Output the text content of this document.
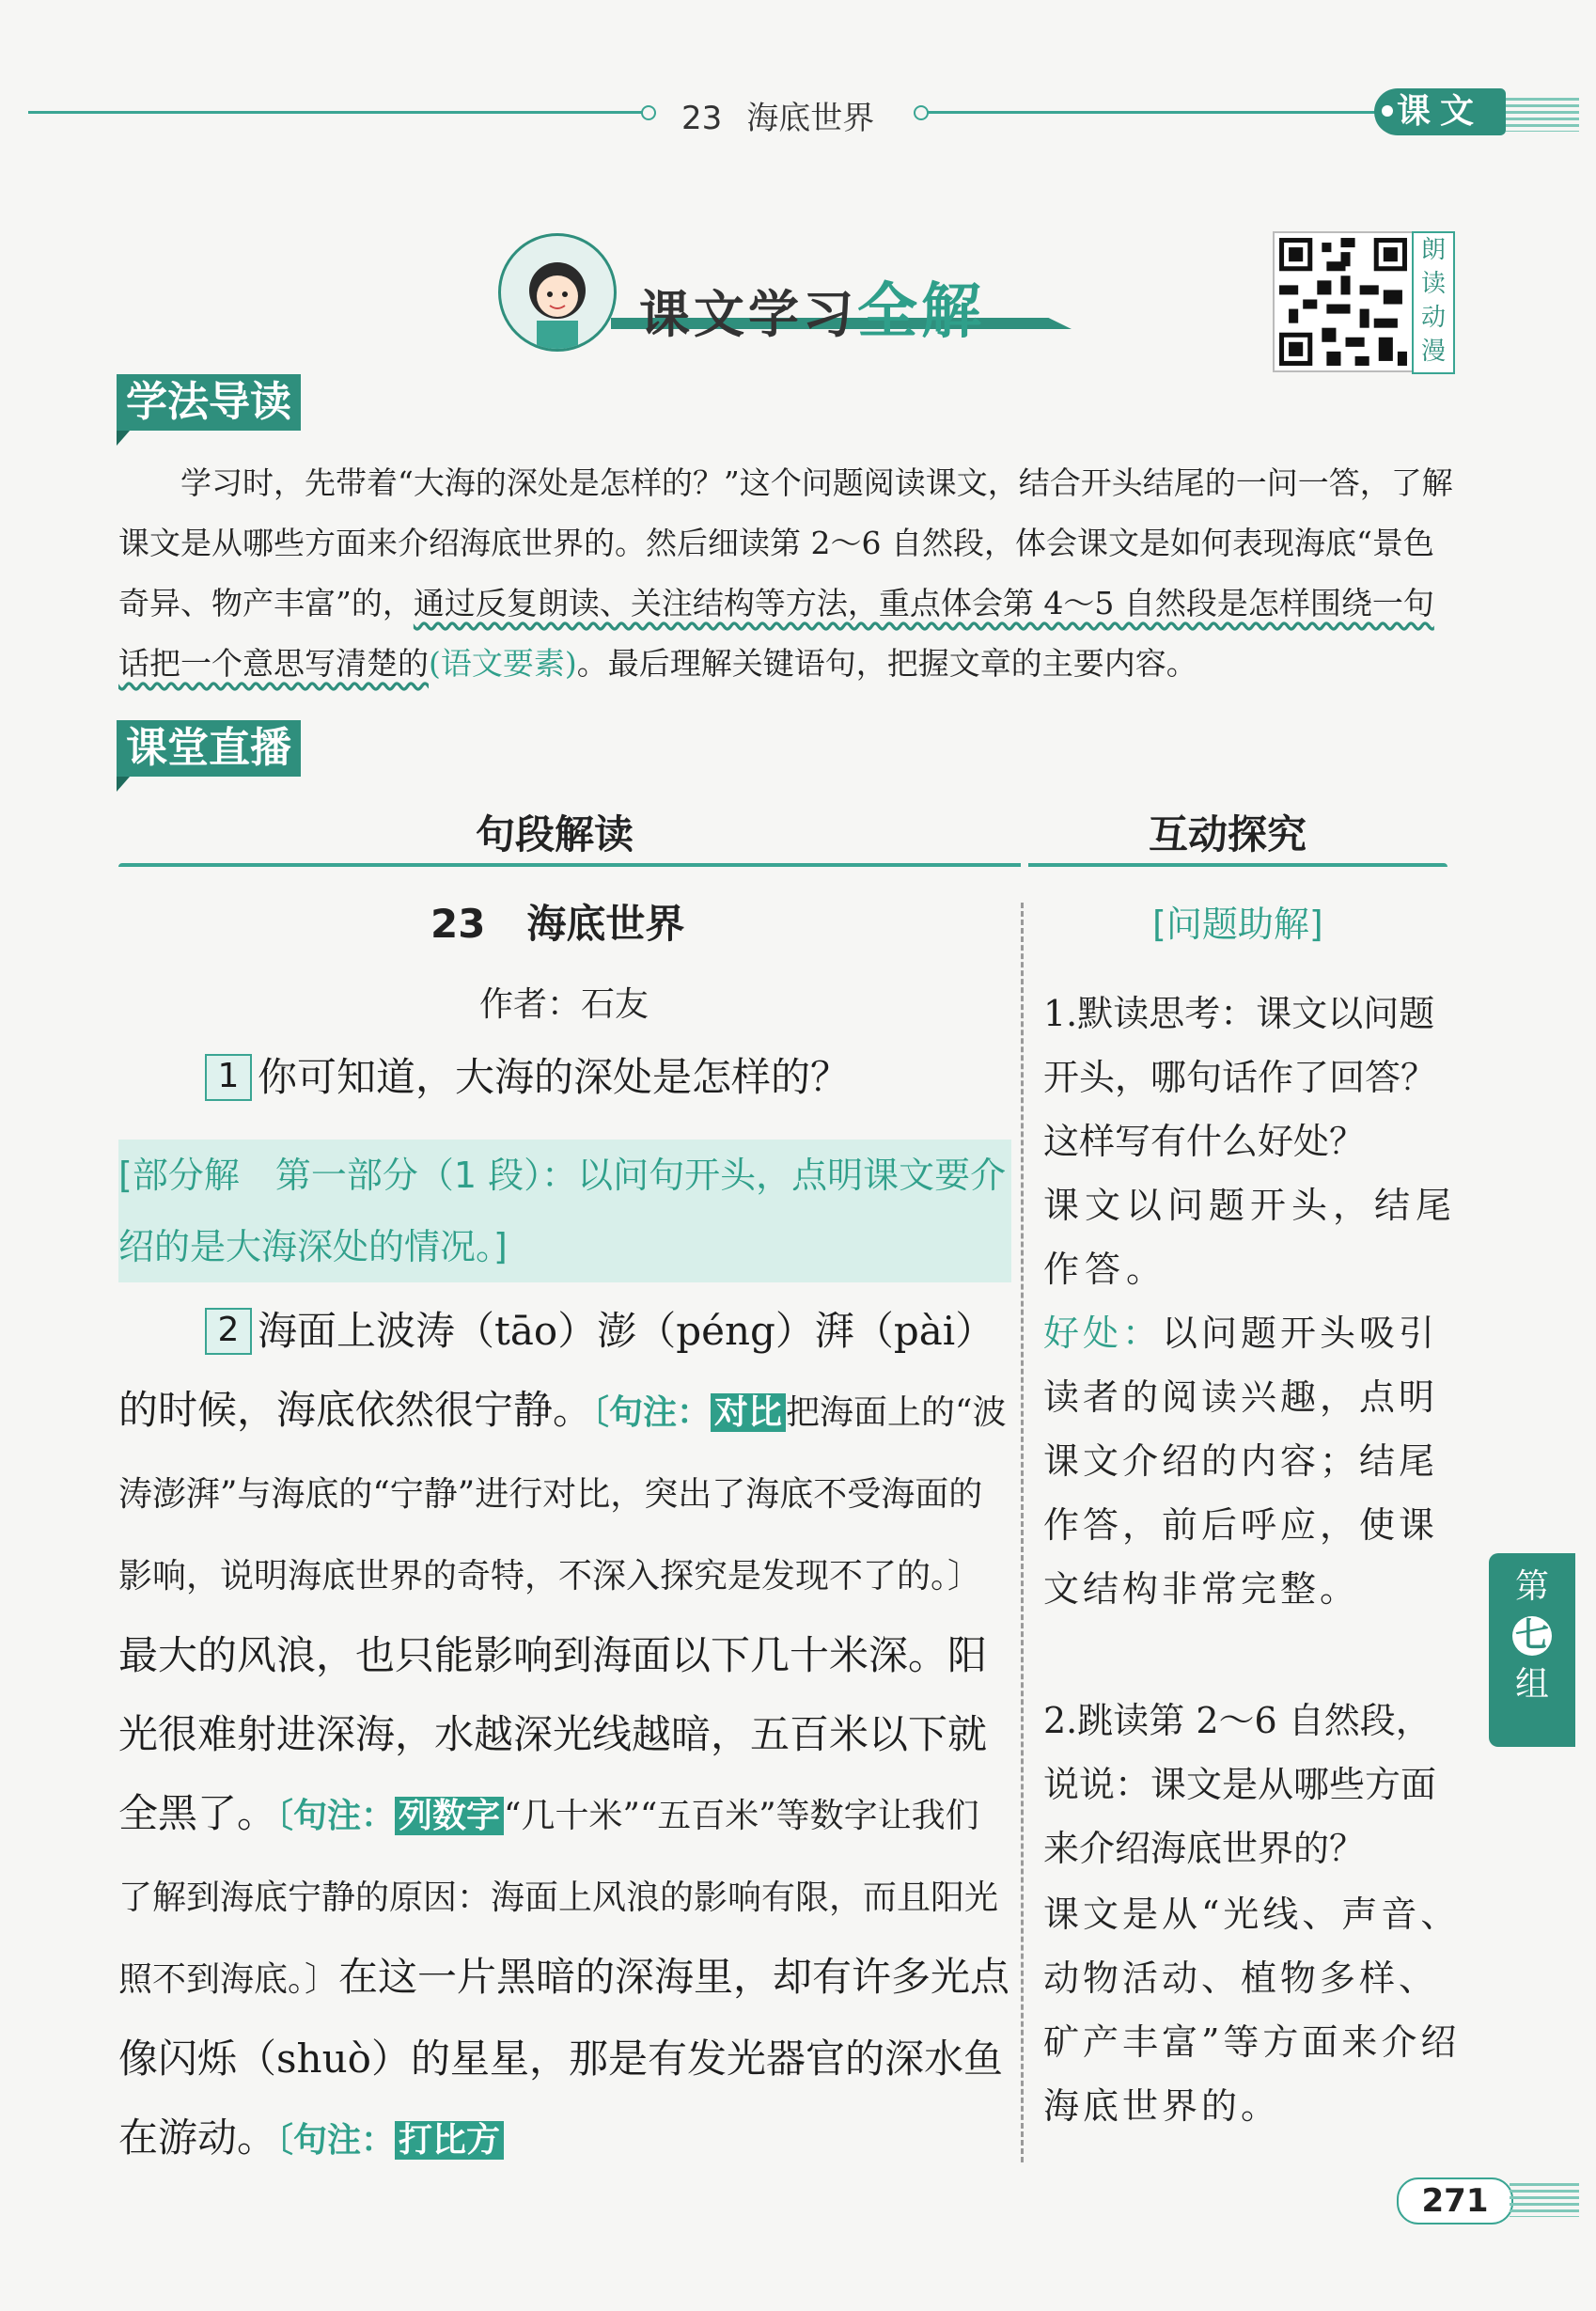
23 海底世界	课文
课文学习全解
朗读动漫
学法导读
学习时，先带着“大海的深处是怎样的？”这个问题阅读课文，结合开头结尾的一问一答，了解课文是从哪些方面来介绍海底世界的。然后细读第 2～6 自然段，体会课文是如何表现海底“景色奇异、物产丰富”的，通过反复朗读、关注结构等方法，重点体会第 4～5 自然段是怎样围绕一句话把一个意思写清楚的(语文要素)。最后理解关键语句，把握文章的主要内容。
课堂直播
句段解读	互动探究
23 海底世界
作者：石友
1 你可知道，大海的深处是怎样的？
[部分解　第一部分（1 段）：以问句开头，点明课文要介绍的是大海深处的情况。]
2 海面上波涛（tāo）澎（péng）湃（pài）的时候，海底依然很宁静。〔句注： 对比 把海面上的“波涛澎湃”与海底的“宁静”进行对比，突出了海底不受海面的影响，说明海底世界的奇特，不深入探究是发现不了的。〕最大的风浪，也只能影响到海面以下几十米深。阳光很难射进深海，水越深光线越暗，五百米以下就全黑了。〔句注： 列数字 “几十米”“五百米”等数字让我们了解到海底宁静的原因：海面上风浪的影响有限，而且阳光照不到海底。〕在这一片黑暗的深海里，却有许多光点像闪烁（shuò）的星星，那是有发光器官的深水鱼在游动。〔句注： 打比方
[问题助解]
1.默读思考：课文以问题开头，哪句话作了回答？这样写有什么好处？
课文以问题开头，结尾作答。
好处：以问题开头吸引读者的阅读兴趣，点明课文介绍的内容；结尾作答，前后呼应，使课文结构非常完整。
2.跳读第 2～6 自然段，说说：课文是从哪些方面来介绍海底世界的？
课文是从“光线、声音、动物活动、植物多样、矿产丰富”等方面来介绍海底世界的。
第
七
组
271
